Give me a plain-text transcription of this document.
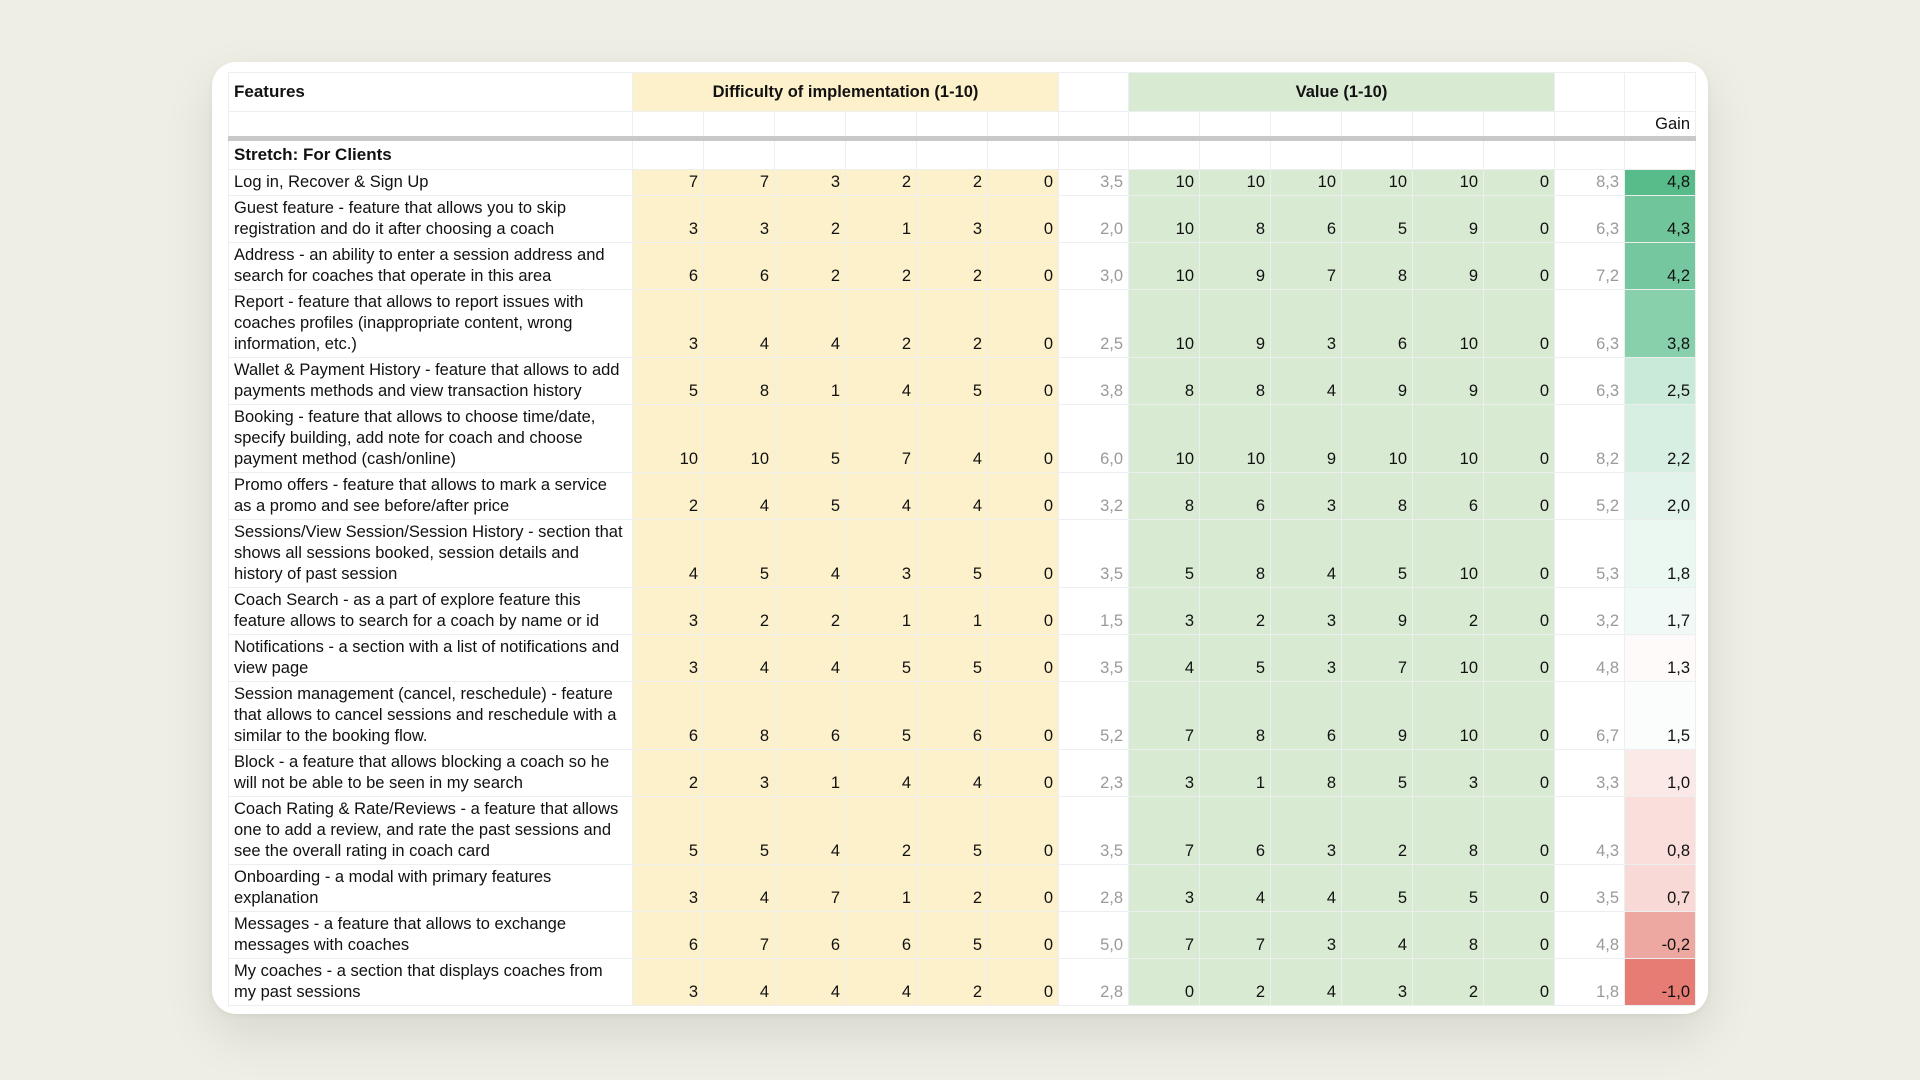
Features	Difficulty of implementation (1-10)							Value (1-10)							
															Gain
Stretch: For Clients															
Log in, Recover & Sign Up	7	7	3	2	2	0	3,5	10	10	10	10	10	0	8,3	4,8
Guest feature - feature that allows you to skip registration and do it after choosing a coach	3	3	2	1	3	0	2,0	10	8	6	5	9	0	6,3	4,3
Address - an ability to enter a session address and search for coaches that operate in this area	6	6	2	2	2	0	3,0	10	9	7	8	9	0	7,2	4,2
Report - feature that allows to report issues with coaches profiles (inappropriate content, wrong information, etc.)	3	4	4	2	2	0	2,5	10	9	3	6	10	0	6,3	3,8
Wallet & Payment History - feature that allows to add payments methods and view transaction history	5	8	1	4	5	0	3,8	8	8	4	9	9	0	6,3	2,5
Booking - feature that allows to choose time/date, specify building, add note for coach and choose payment method (cash/online)	10	10	5	7	4	0	6,0	10	10	9	10	10	0	8,2	2,2
Promo offers - feature that allows to mark a service as a promo and see before/after price	2	4	5	4	4	0	3,2	8	6	3	8	6	0	5,2	2,0
Sessions/View Session/Session History - section that shows all sessions booked, session details and history of past session	4	5	4	3	5	0	3,5	5	8	4	5	10	0	5,3	1,8
Coach Search - as a part of explore feature this feature allows to search for a coach by name or id	3	2	2	1	1	0	1,5	3	2	3	9	2	0	3,2	1,7
Notifications - a section with a list of notifications and view page	3	4	4	5	5	0	3,5	4	5	3	7	10	0	4,8	1,3
Session management (cancel, reschedule) - feature that allows to cancel sessions and reschedule with a similar to the booking flow.	6	8	6	5	6	0	5,2	7	8	6	9	10	0	6,7	1,5
Block - a feature that allows blocking a coach so he will not be able to be seen in my search	2	3	1	4	4	0	2,3	3	1	8	5	3	0	3,3	1,0
Coach Rating & Rate/Reviews - a feature that allows one to add a review, and rate the past sessions and see the overall rating in coach card	5	5	4	2	5	0	3,5	7	6	3	2	8	0	4,3	0,8
Onboarding - a modal with primary features explanation	3	4	7	1	2	0	2,8	3	4	4	5	5	0	3,5	0,7
Messages - a feature that allows to exchange messages with coaches	6	7	6	6	5	0	5,0	7	7	3	4	8	0	4,8	-0,2
My coaches - a section that displays coaches from my past sessions	3	4	4	4	2	0	2,8	0	2	4	3	2	0	1,8	-1,0
